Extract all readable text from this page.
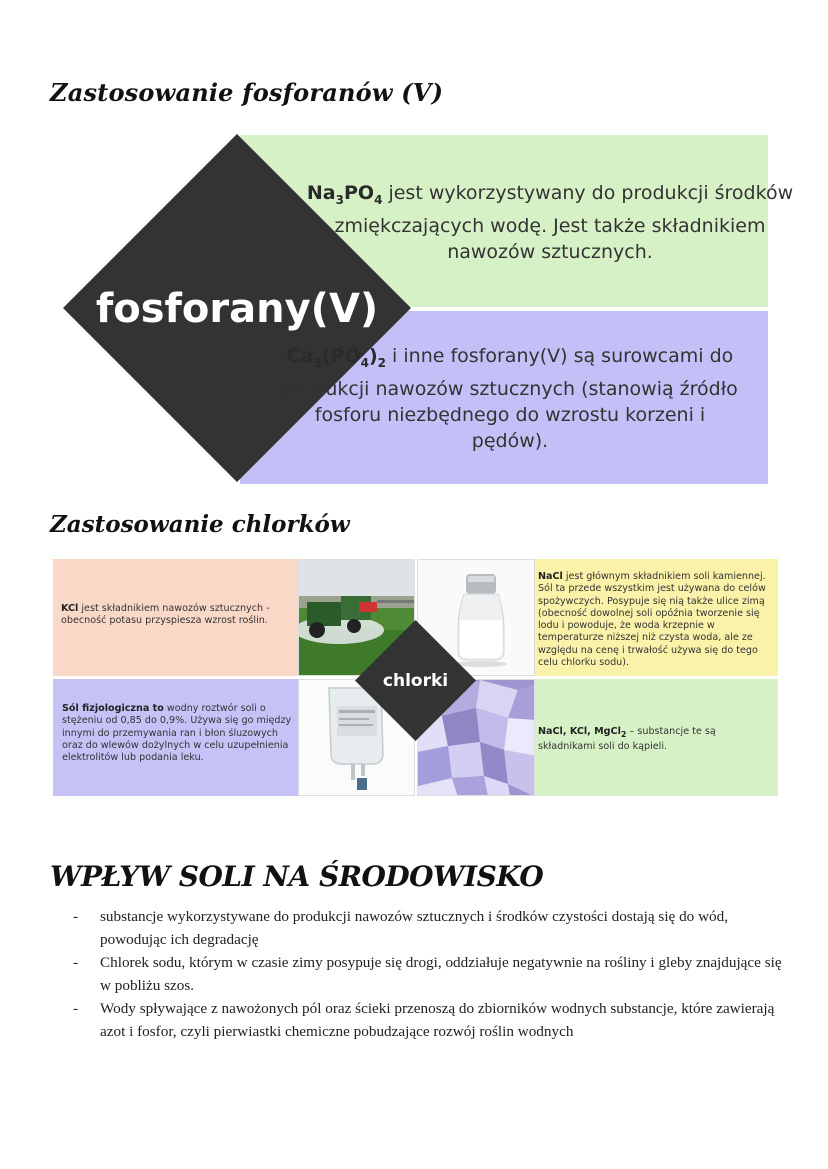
Zastosowanie fosforanów (V)
Zastosowanie chlorków
WPŁYW SOLI NA ŚRODOWISKO
fosforany(V)
$Na_3PO_4$ jest wykorzystywany do produkcji środków zmiękczających wodę. Jest także składnikiem nawozów sztucznych.
$Ca_3(PO_4)_2$ i inne fosforany(V) są surowcami do produkcji nawozów sztucznych (stanowią źródło fosforu niezbędnego do wzrostu korzeni i pędów).
chlorki
KCl jest składnikiem nawozów sztucznych - obecność potasu przyspiesza wzrost roślin.
NaCl jest głównym składnikiem soli kamiennej. Sól ta przede wszystkim jest używana do celów spożywczych. Posypuje się nią także ulice zimą (obecność dowolnej soli opóźnia tworzenie się lodu i powoduje, że woda krzepnie w temperaturze niższej niż czysta woda, ale ze względu na cenę i trwałość używa się do tego celu chlorku sodu).
Sól fizjologiczna to wodny roztwór soli o stężeniu od 0,85 do 0,9%. Używa się go między innymi do przemywania ran i błon śluzowych oraz do wlewów dożylnych w celu uzupełnienia elektrolitów lub podania leku.
NaCl, KCl, MgCl$_2$ – substancje te są składnikami soli do kąpieli.
- substancje wykorzystywane do produkcji nawozów sztucznych i środków czystości dostają się do wód, powodując ich degradację
- Chlorek sodu, którym w czasie zimy posypuje się drogi, oddziałuje negatywnie na rośliny i gleby znajdujące się w pobliżu szos.
- Wody spływające z nawożonych pól oraz ścieki przenoszą do zbiorników wodnych substancje, które zawierają azot i fosfor, czyli pierwiastki chemiczne pobudzające rozwój roślin wodnych
